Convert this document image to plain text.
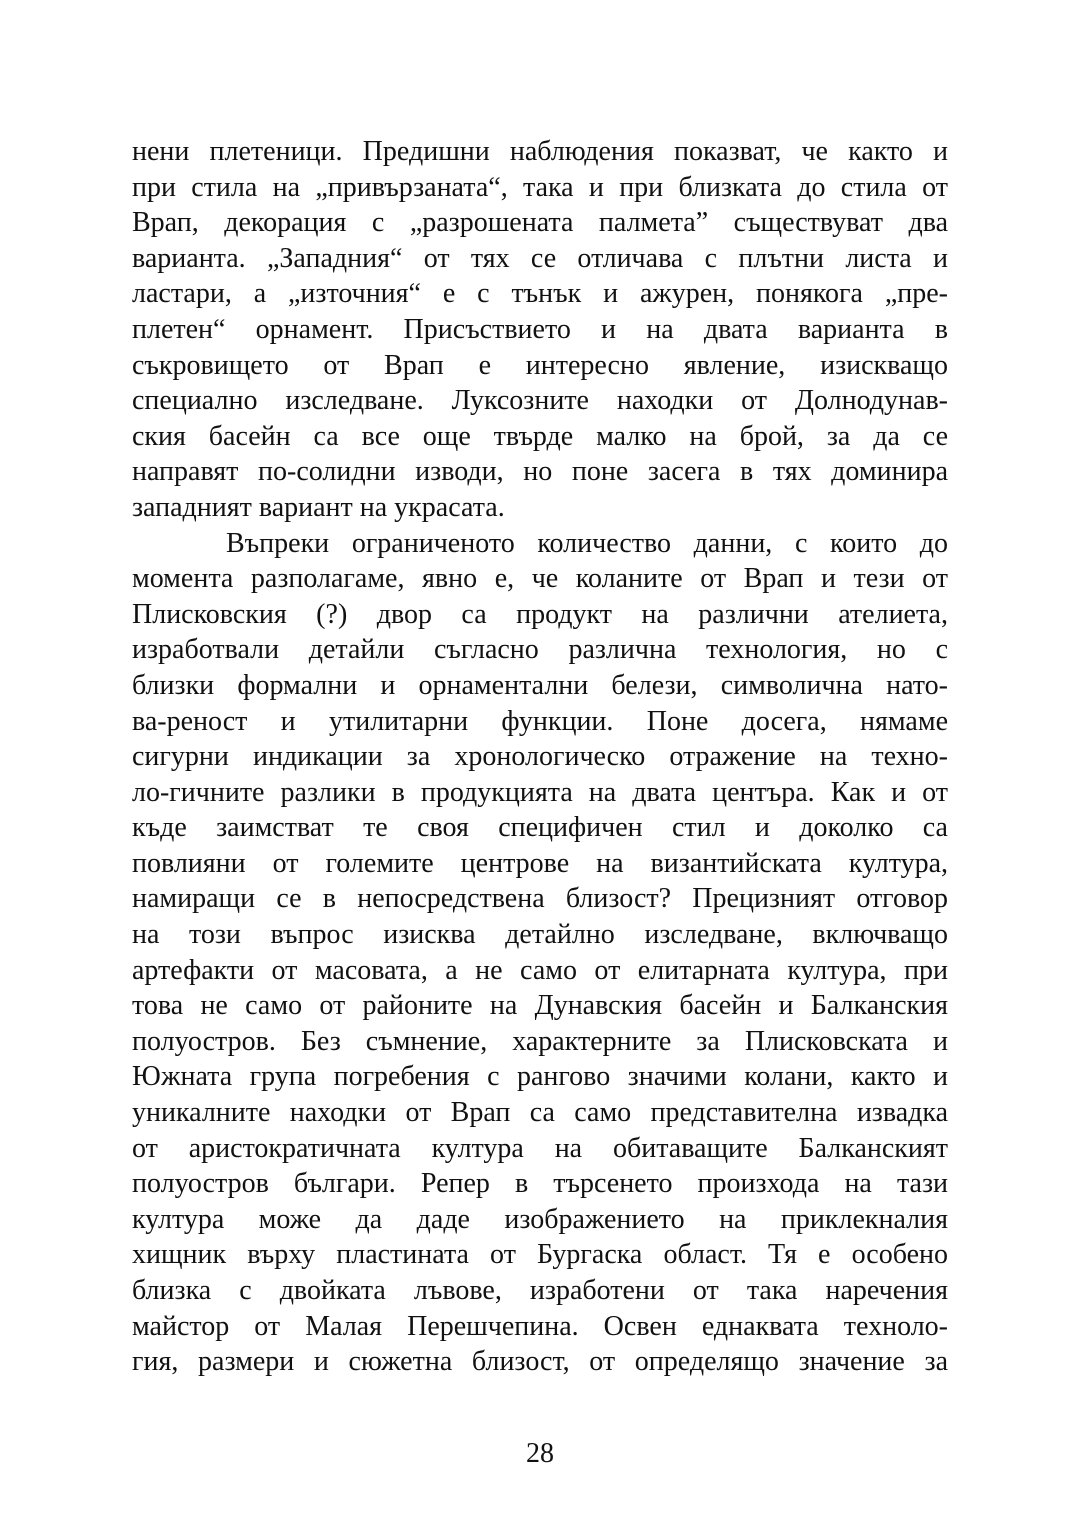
нени плетеници. Предишни наблюдения показват, че както и
при стила на „привързаната“, така и при близката до стила от
Врап, декорация с „разрошената палмета” съществуват два
варианта. „Западния“ от тях се отличава с плътни листа и
ластари, а „източния“ е с тънък и ажурен, понякога „пре-
плетен“ орнамент. Присъствието и на двата варианта в
съкровището от Врап е интересно явление, изискващо
специално изследване. Луксозните находки от Долнодунав-
ския басейн са все още твърде малко на брой, за да се
направят по-солидни изводи, но поне засега в тях доминира
западният вариант на украсата.
Въпреки ограниченото количество данни, с които до
момента разполагаме, явно е, че коланите от Врап и тези от
Плисковския (?) двор са продукт на различни ателиета,
изработвали детайли съгласно различна технология, но с
близки формални и орнаментални белези, символична нато-
ва-реност и утилитарни функции. Поне досега, нямаме
сигурни индикации за хронологическо отражение на техно-
ло-гичните разлики в продукцията на двата центъра. Как и от
къде заимстват те своя специфичен стил и доколко са
повлияни от големите центрове на византийската култура,
намиращи се в непосредствена близост? Прецизният отговор
на този въпрос изисква детайлно изследване, включващо
артефакти от масовата, а не само от елитарната култура, при
това не само от районите на Дунавския басейн и Балканския
полуостров. Без съмнение, характерните за Плисковската и
Южната група погребения с рангово значими колани, както и
уникалните находки от Врап са само представителна извадка
от аристократичната култура на обитаващите Балканският
полуостров българи. Репер в търсенето произхода на тази
култура може да даде изображението на приклекналия
хищник върху пластината от Бургаска област. Тя е особено
близка с двойката лъвове, изработени от така наречения
майстор от Малая Перешчепина. Освен еднаквата техноло-
гия, размери и сюжетна близост, от определящо значение за
28
